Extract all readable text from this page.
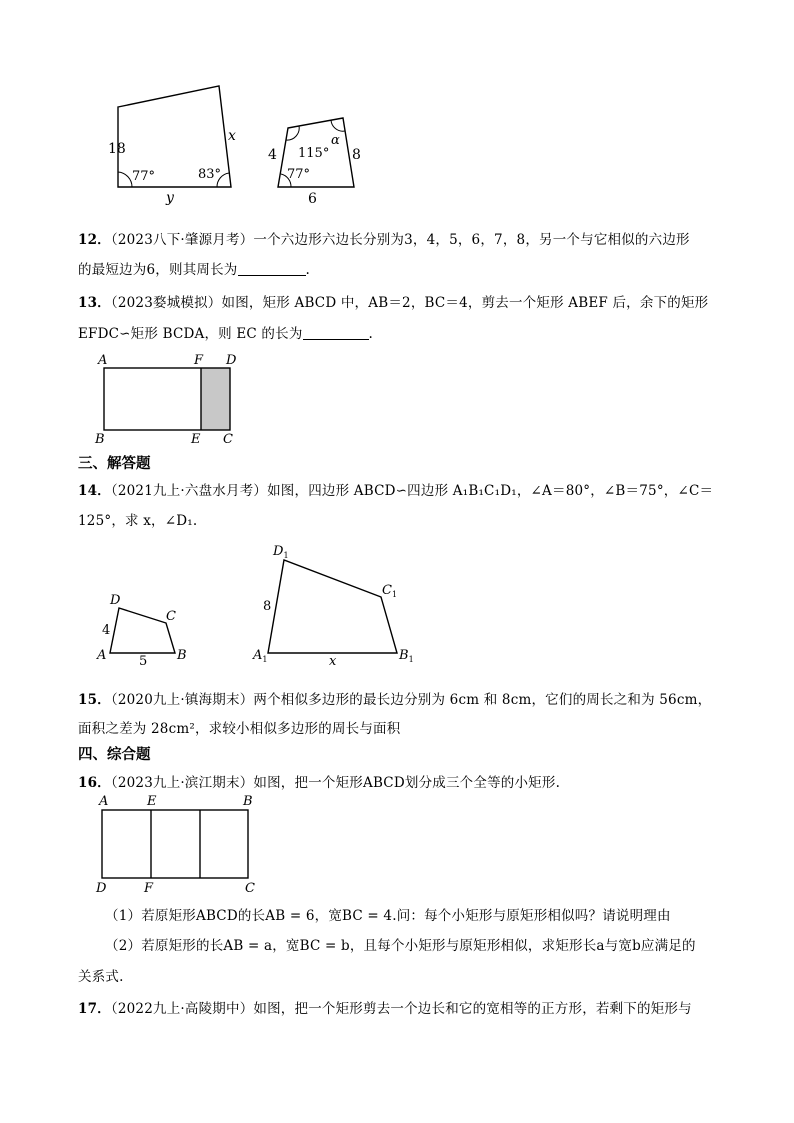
18
x
y
77°	83°
4	8
6
115°
α
77°
12．（2023八下·肇源月考）一个六边形六边长分别为3，4，5，6，7，8，另一个与它相似的六边形
的最短边为6，则其周长为	.
13．（2023婺城模拟）如图，矩形 ABCD 中，AB＝2，BC＝4，剪去一个矩形 ABEF 后，余下的矩形
EFDC∽矩形 BCDA，则 EC 的长为	.
A	F D
B	E C
三、解答题
14．（2021九上·六盘水月考）如图，四边形 ABCD∽四边形 A₁B₁C₁D₁，∠A＝80°，∠B＝75°，∠C＝
125°，求 x，∠D₁.
D
C
A	B
4
5
$D_1$
$C_1$
$A_1$	$B_1$
8
x
15．（2020九上·镇海期末）两个相似多边形的最长边分别为 6cm 和 8cm，它们的周长之和为 56cm，
面积之差为 28cm²，求较小相似多边形的周长与面积
四、综合题
16．（2023九上·滨江期末）如图，把一个矩形ABCD划分成三个全等的小矩形.
A	E	B
D	F	C
（1）若原矩形ABCD的长AB = 6，宽BC = 4.问：每个小矩形与原矩形相似吗？请说明理由
（2）若原矩形的长AB = a，宽BC = b，且每个小矩形与原矩形相似，求矩形长a与宽b应满足的
关系式.
17．（2022九上·高陵期中）如图，把一个矩形剪去一个边长和它的宽相等的正方形，若剩下的矩形与
